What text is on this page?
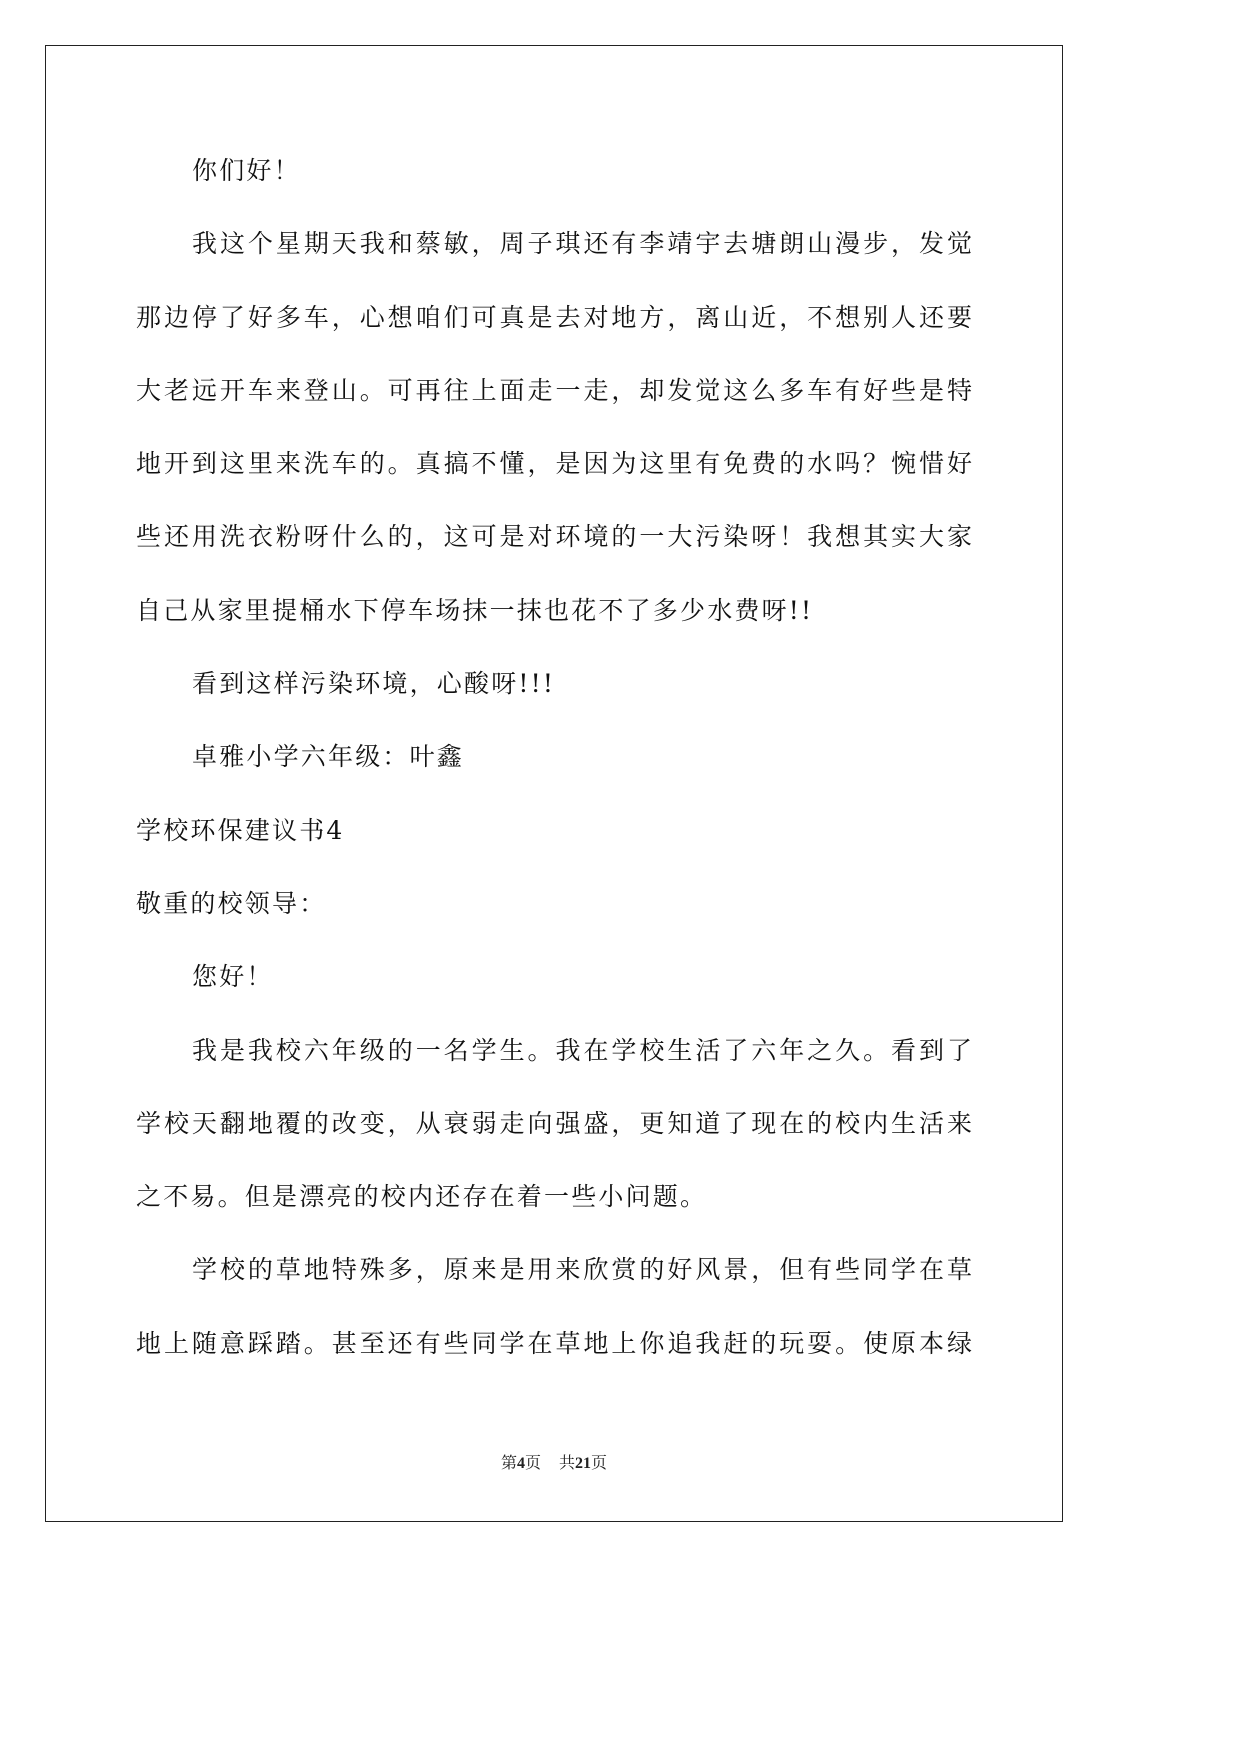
你们好！
我这个星期天我和蔡敏，周子琪还有李靖宇去塘朗山漫步，发觉
那边停了好多车，心想咱们可真是去对地方，离山近，不想别人还要
大老远开车来登山。可再往上面走一走，却发觉这么多车有好些是特
地开到这里来洗车的。真搞不懂，是因为这里有免费的水吗？惋惜好
些还用洗衣粉呀什么的，这可是对环境的一大污染呀！我想其实大家
自己从家里提桶水下停车场抹一抹也花不了多少水费呀!!
看到这样污染环境，心酸呀!!!
卓雅小学六年级：叶鑫
学校环保建议书4
敬重的校领导：
您好！
我是我校六年级的一名学生。我在学校生活了六年之久。看到了
学校天翻地覆的改变，从衰弱走向强盛，更知道了现在的校内生活来
之不易。但是漂亮的校内还存在着一些小问题。
学校的草地特殊多，原来是用来欣赏的好风景，但有些同学在草
地上随意踩踏。甚至还有些同学在草地上你追我赶的玩耍。使原本绿
第4页 共21页
